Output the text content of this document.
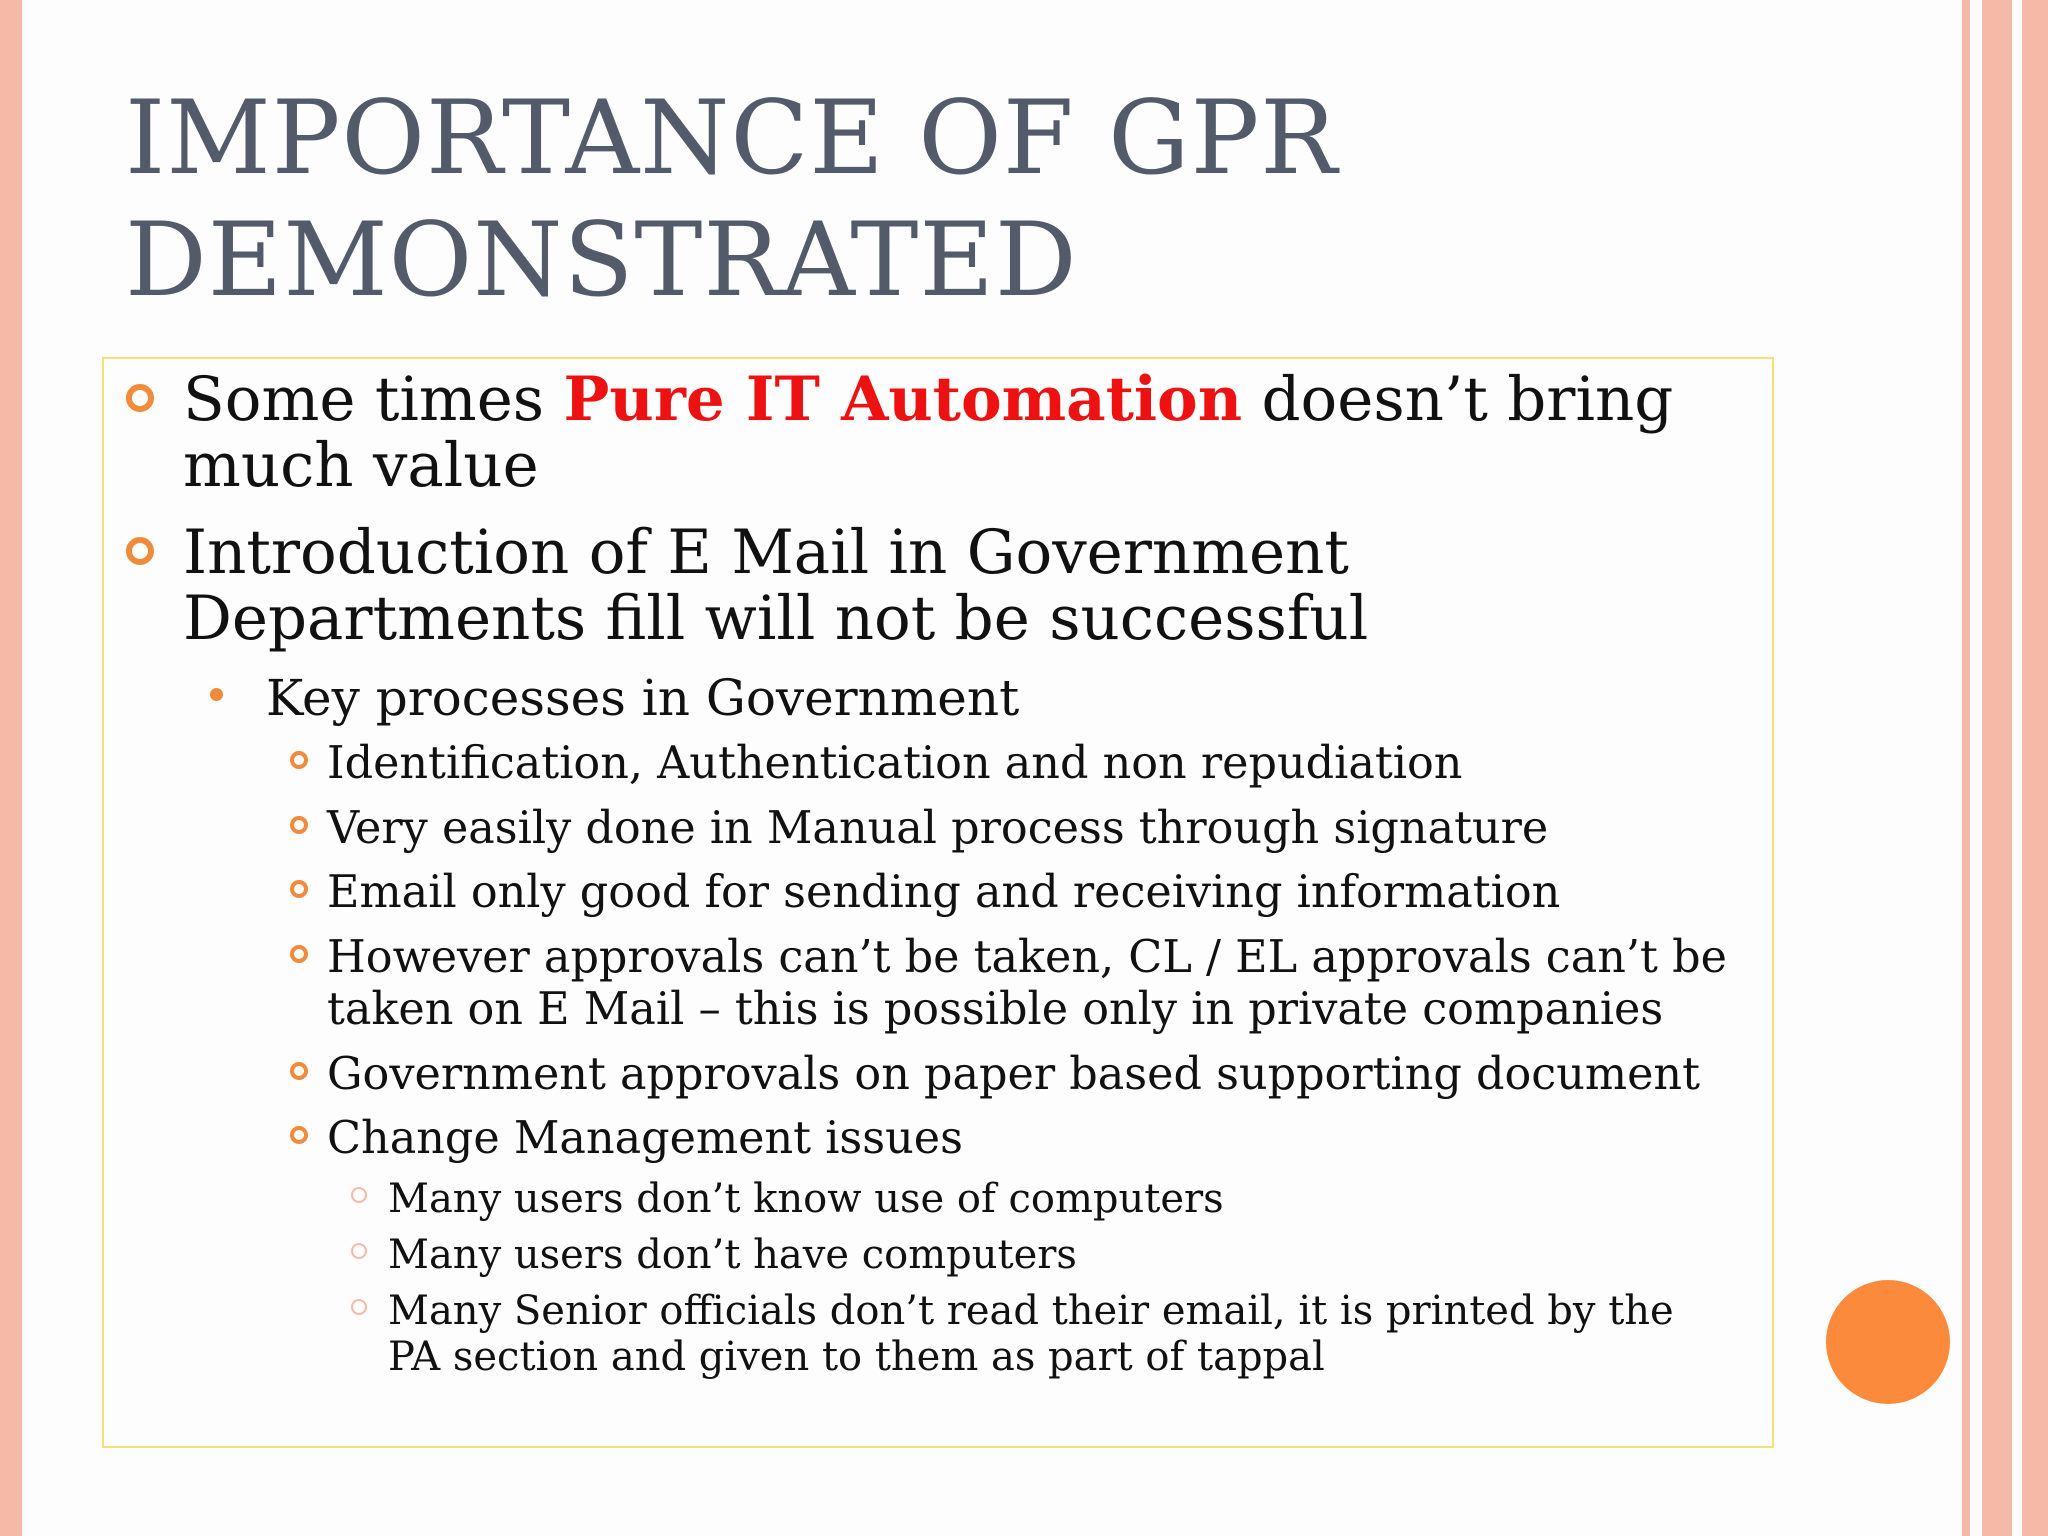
IMPORTANCE OF GPR
DEMONSTRATED
Some times Pure IT Automation doesn’t bring much value
Introduction of E Mail in Government Departments fill will not be successful
Key processes in Government
Identification, Authentication and non repudiation
Very easily done in Manual process through signature
Email only good for sending and receiving information
However approvals can’t be taken, CL / EL approvals can’t be taken on E Mail – this is possible only in private companies
Government approvals on paper based supporting document
Change Management issues
Many users don’t know use of computers
Many users don’t have computers
Many Senior officials don’t read their email, it is printed by the PA section and given to them as part of tappal
